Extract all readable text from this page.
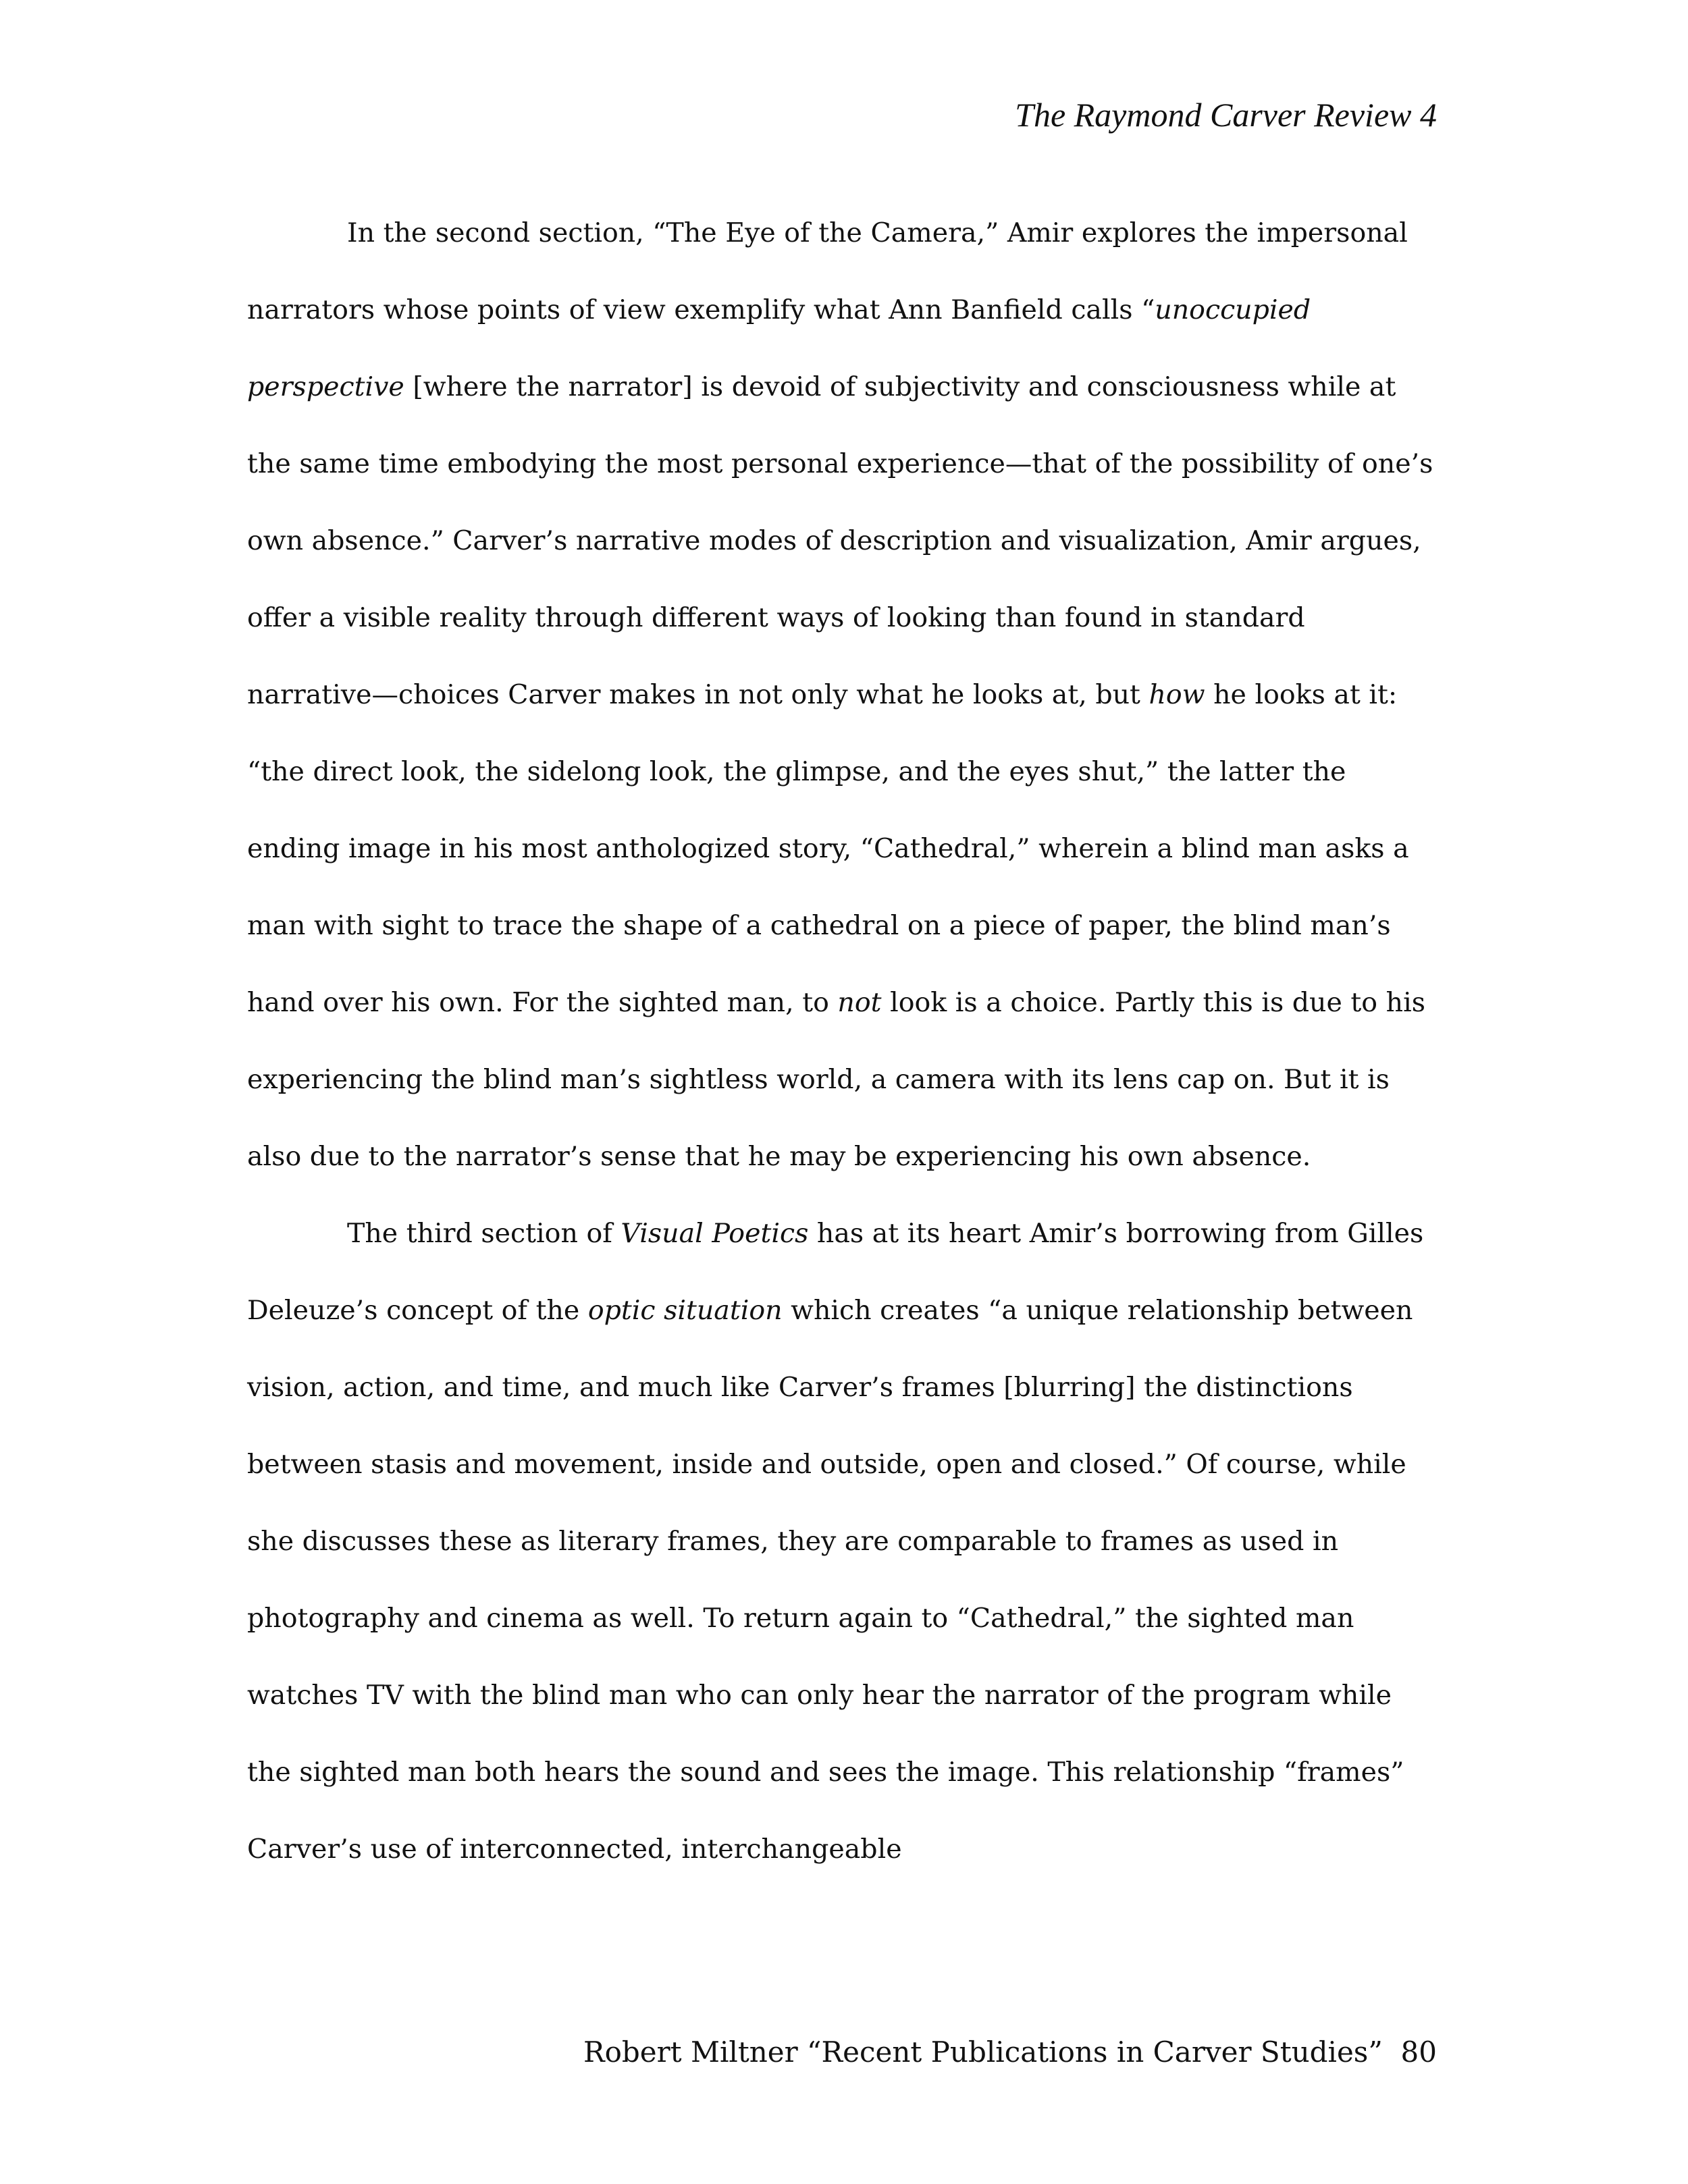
The Raymond Carver Review 4

In the second section, “The Eye of the Camera,” Amir explores the impersonal narrators whose points of view exemplify what Ann Banfield calls “unoccupied perspective [where the narrator] is devoid of subjectivity and consciousness while at the same time embodying the most personal experience—that of the possibility of one’s own absence.” Carver’s narrative modes of description and visualization, Amir argues, offer a visible reality through different ways of looking than found in standard narrative—choices Carver makes in not only what he looks at, but how he looks at it: “the direct look, the sidelong look, the glimpse, and the eyes shut,” the latter the ending image in his most anthologized story, “Cathedral,” wherein a blind man asks a man with sight to trace the shape of a cathedral on a piece of paper, the blind man’s hand over his own. For the sighted man, to not look is a choice. Partly this is due to his experiencing the blind man’s sightless world, a camera with its lens cap on. But it is also due to the narrator’s sense that he may be experiencing his own absence.

The third section of Visual Poetics has at its heart Amir’s borrowing from Gilles Deleuze’s concept of the optic situation which creates “a unique relationship between vision, action, and time, and much like Carver’s frames [blurring] the distinctions between stasis and movement, inside and outside, open and closed.” Of course, while she discusses these as literary frames, they are comparable to frames as used in photography and cinema as well. To return again to “Cathedral,” the sighted man watches TV with the blind man who can only hear the narrator of the program while the sighted man both hears the sound and sees the image. This relationship “frames” Carver’s use of interconnected, interchangeable

Robert Miltner “Recent Publications in Carver Studies” 80
